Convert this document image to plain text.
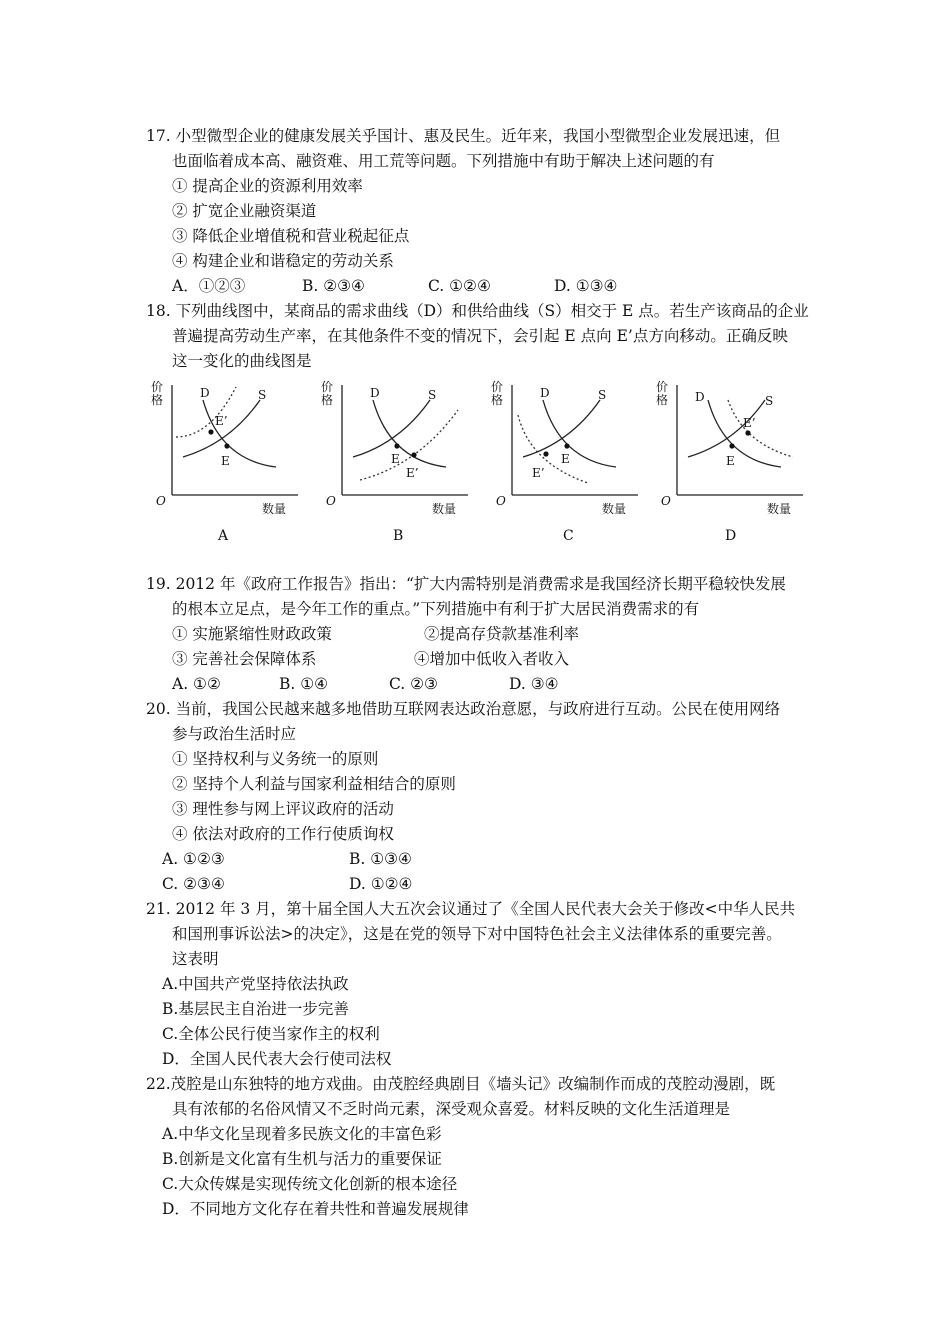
17. 小型微型企业的健康发展关乎国计、惠及民生。近年来，我国小型微型企业发展迅速，但
也面临着成本高、融资难、用工荒等问题。下列措施中有助于解决上述问题的有
① 提高企业的资源利用效率
② 扩宽企业融资渠道
③ 降低企业增值税和营业税起征点
④ 构建企业和谐稳定的劳动关系
A．①②③	B. ②③④	C. ①②④	D. ①③④
18. 下列曲线图中，某商品的需求曲线（D）和供给曲线（S）相交于 E 点。若生产该商品的企业
普遍提高劳动生产率，在其他条件不变的情况下，会引起 E 点向 E’点方向移动。正确反映
这一变化的曲线图是
价格
O
数量
D	S
E
E’
A
价格
O
数量
D	S
E
E’
B
价格
O
数量
D	S
E
E’
C
价格
O
数量
D	S
E
E’
D
19. 2012 年《政府工作报告》指出：“扩大内需特别是消费需求是我国经济长期平稳较快发展
的根本立足点，是今年工作的重点。”下列措施中有利于扩大居民消费需求的有
① 实施紧缩性财政政策	②提高存贷款基准利率
③ 完善社会保障体系	④增加中低收入者收入
A. ①②	B. ①④	C. ②③	D. ③④
20. 当前，我国公民越来越多地借助互联网表达政治意愿，与政府进行互动。公民在使用网络
参与政治生活时应
① 坚持权利与义务统一的原则
② 坚持个人利益与国家利益相结合的原则
③ 理性参与网上评议政府的活动
④ 依法对政府的工作行使质询权
A. ①②③	B. ①③④
C. ②③④	D. ①②④
21. 2012 年 3 月，第十届全国人大五次会议通过了《全国人民代表大会关于修改<中华人民共
和国刑事诉讼法>的决定》，这是在党的领导下对中国特色社会主义法律体系的重要完善。
这表明
A.中国共产党坚持依法执政
B.基层民主自治进一步完善
C.全体公民行使当家作主的权利
D．全国人民代表大会行使司法权
22.茂腔是山东独特的地方戏曲。由茂腔经典剧目《墙头记》改编制作而成的茂腔动漫剧，既
具有浓郁的名俗风情又不乏时尚元素，深受观众喜爱。材料反映的文化生活道理是
A.中华文化呈现着多民族文化的丰富色彩
B.创新是文化富有生机与活力的重要保证
C.大众传媒是实现传统文化创新的根本途径
D．不同地方文化存在着共性和普遍发展规律
